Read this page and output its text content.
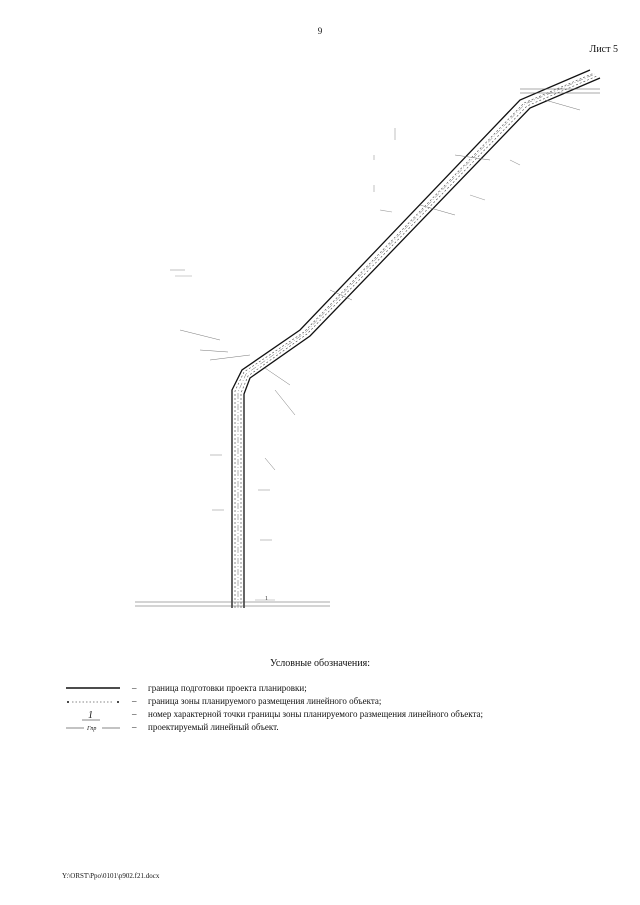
9
Лист 5
1
Условные обозначения:
– граница подготовки проекта планировки;
– граница зоны планируемого размещения линейного объекта;
1	– номер характерной точки границы зоны планируемого размещения линейного объекта;
Гпр	– проектируемый линейный объект.
Y:\ORST\Ppo\0101\p902.f21.docx
